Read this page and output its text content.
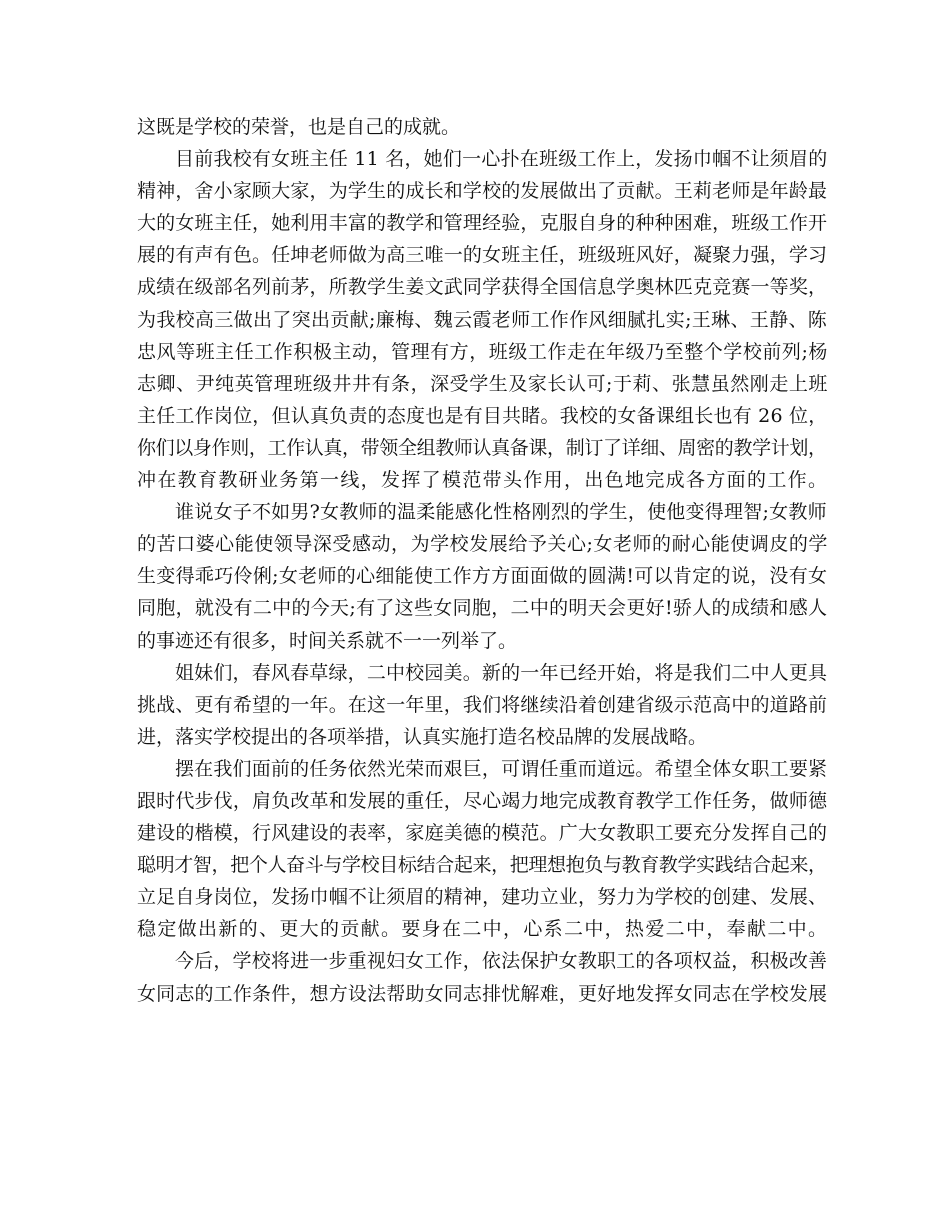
这既是学校的荣誉，也是自己的成就。
目前我校有女班主任 11 名，她们一心扑在班级工作上，发扬巾帼不让须眉的
精神，舍小家顾大家，为学生的成长和学校的发展做出了贡献。王莉老师是年龄最
大的女班主任，她利用丰富的教学和管理经验，克服自身的种种困难，班级工作开
展的有声有色。任坤老师做为高三唯一的女班主任，班级班风好，凝聚力强，学习
成绩在级部名列前茅，所教学生姜文武同学获得全国信息学奥林匹克竞赛一等奖，
为我校高三做出了突出贡献;廉梅、魏云霞老师工作作风细腻扎实;王琳、王静、陈
忠风等班主任工作积极主动，管理有方，班级工作走在年级乃至整个学校前列;杨
志卿、尹纯英管理班级井井有条，深受学生及家长认可;于莉、张慧虽然刚走上班
主任工作岗位，但认真负责的态度也是有目共睹。我校的女备课组长也有 26 位，
你们以身作则，工作认真，带领全组教师认真备课，制订了详细、周密的教学计划，
冲在教育教研业务第一线，发挥了模范带头作用，出色地完成各方面的工作。
谁说女子不如男?女教师的温柔能感化性格刚烈的学生，使他变得理智;女教师
的苦口婆心能使领导深受感动，为学校发展给予关心;女老师的耐心能使调皮的学
生变得乖巧伶俐;女老师的心细能使工作方方面面做的圆满!可以肯定的说，没有女
同胞，就没有二中的今天;有了这些女同胞，二中的明天会更好!骄人的成绩和感人
的事迹还有很多，时间关系就不一一列举了。
姐妹们，春风春草绿，二中校园美。新的一年已经开始，将是我们二中人更具
挑战、更有希望的一年。在这一年里，我们将继续沿着创建省级示范高中的道路前
进，落实学校提出的各项举措，认真实施打造名校品牌的发展战略。
摆在我们面前的任务依然光荣而艰巨，可谓任重而道远。希望全体女职工要紧
跟时代步伐，肩负改革和发展的重任，尽心竭力地完成教育教学工作任务，做师德
建设的楷模，行风建设的表率，家庭美德的模范。广大女教职工要充分发挥自己的
聪明才智，把个人奋斗与学校目标结合起来，把理想抱负与教育教学实践结合起来，
立足自身岗位，发扬巾帼不让须眉的精神，建功立业，努力为学校的创建、发展、
稳定做出新的、更大的贡献。要身在二中，心系二中，热爱二中，奉献二中。
今后，学校将进一步重视妇女工作，依法保护女教职工的各项权益，积极改善
女同志的工作条件，想方设法帮助女同志排忧解难，更好地发挥女同志在学校发展
